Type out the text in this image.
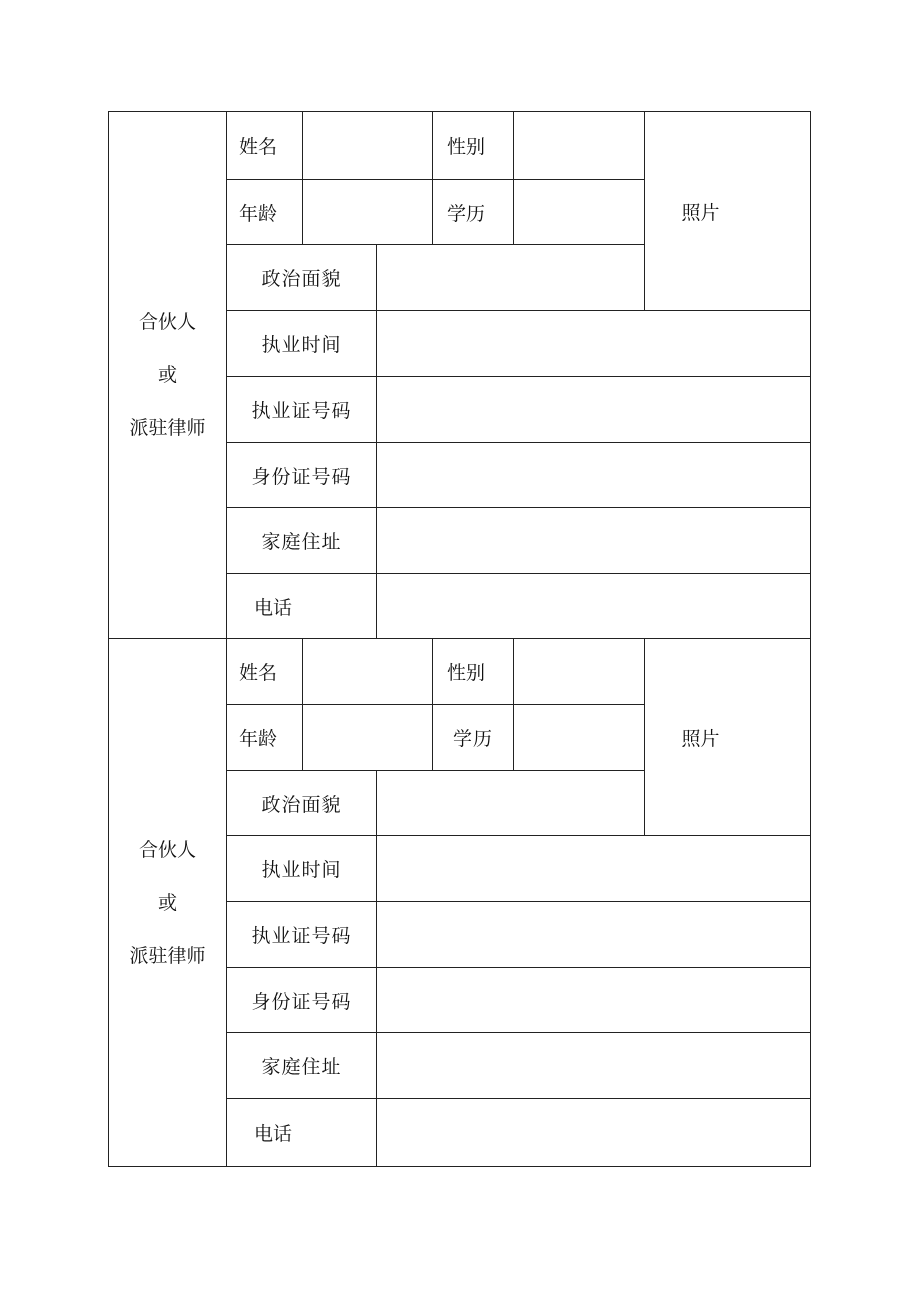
合伙人
或
派驻律师	姓名			性别		照片
	年龄			学历		
	政治面貌					
	执业时间					
	执业证号码					
	身份证号码					
	家庭住址					
	电话					

合伙人
或
派驻律师	姓名			性别		照片
	年龄			学历		
	政治面貌					
	执业时间					
	执业证号码					
	身份证号码					
	家庭住址					
	电话					
